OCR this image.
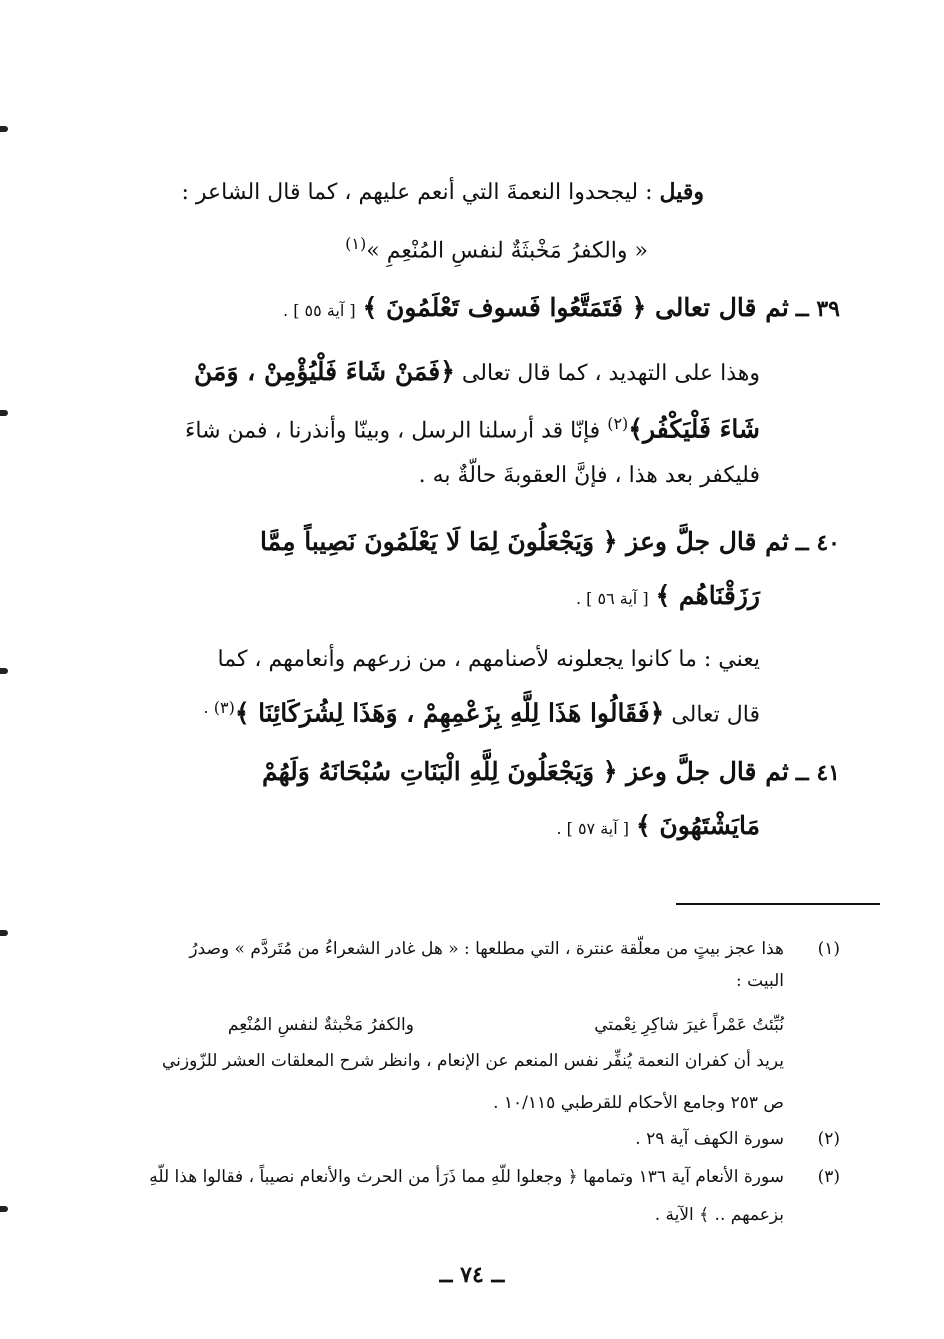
وقيل : ليجحدوا النعمةَ التي أنعم عليهم ، كما قال الشاعر :
« والكفرُ مَخْبثَةٌ لنفسِ المُنْعِمِ »$^{(١)}$
٣٩ ــ ثم قال تعالى ﴿ فَتَمَتَّعُوا فَسوف تَعْلَمُونَ ﴾ [ آية ٥٥ ] .
وهذا على التهديد ، كما قال تعالى ﴿فَمَنْ شَاءَ فَلْيُؤْمِنْ ، وَمَنْ
شَاءَ فَلْيَكْفُر﴾$^{(٢)}$ فإنّا قد أرسلنا الرسل ، وبينّا وأنذرنا ، فمن شاءَ
فليكفر بعد هذا ، فإنَّ العقوبةَ حالّةٌ به .
٤٠ ــ ثم قال جلَّ وعز ﴿ وَيَجْعَلُونَ لِمَا لَا يَعْلَمُونَ نَصِيباً مِمَّا
رَزَقْنَاهُم ﴾ [ آية ٥٦ ] .
يعني : ما كانوا يجعلونه لأصنامهم ، من زرعهم وأنعامهم ، كما
قال تعالى ﴿فَقَالُوا هَذَا لِلَّهِ بِزَعْمِهِمْ ، وَهَذَا لِشُرَكَائِنَا ﴾$^{(٣) .}$
٤١ ــ ثم قال جلَّ وعز ﴿ وَيَجْعَلُونَ لِلَّهِ الْبَنَاتِ سُبْحَانَهُ وَلَهُمْ
مَايَشْتَهُونَ ﴾ [ آية ٥٧ ] .
(١)
هذا عجز بيتٍ من معلّقة عنترة ، التي مطلعها : « هل غادر الشعراءُ من مُتَردَّم » وصدرُ
البيت :
نُبِّئتُ عَمْراً غيرَ شاكِرِ نِعْمتي
والكفرُ مَخْبثةٌ لنفسِ المُنْعِم
يريد أن كفران النعمة يُنفِّر نفس المنعم عن الإنعام ، وانظر شرح المعلقات العشر للزّوزني
ص ٢٥٣ وجامع الأحكام للقرطبي ١٠/١١٥ .
(٢)
سورة الكهف آية ٢٩ .
(٣)
سورة الأنعام آية ١٣٦ وتمامها ﴿ وجعلوا للّهِ مما ذَرَأ من الحرث والأنعام نصيباً ، فقالوا هذا للّهِ
بزعمهم .. ﴾ الآية .
ــ ٧٤ ــ
